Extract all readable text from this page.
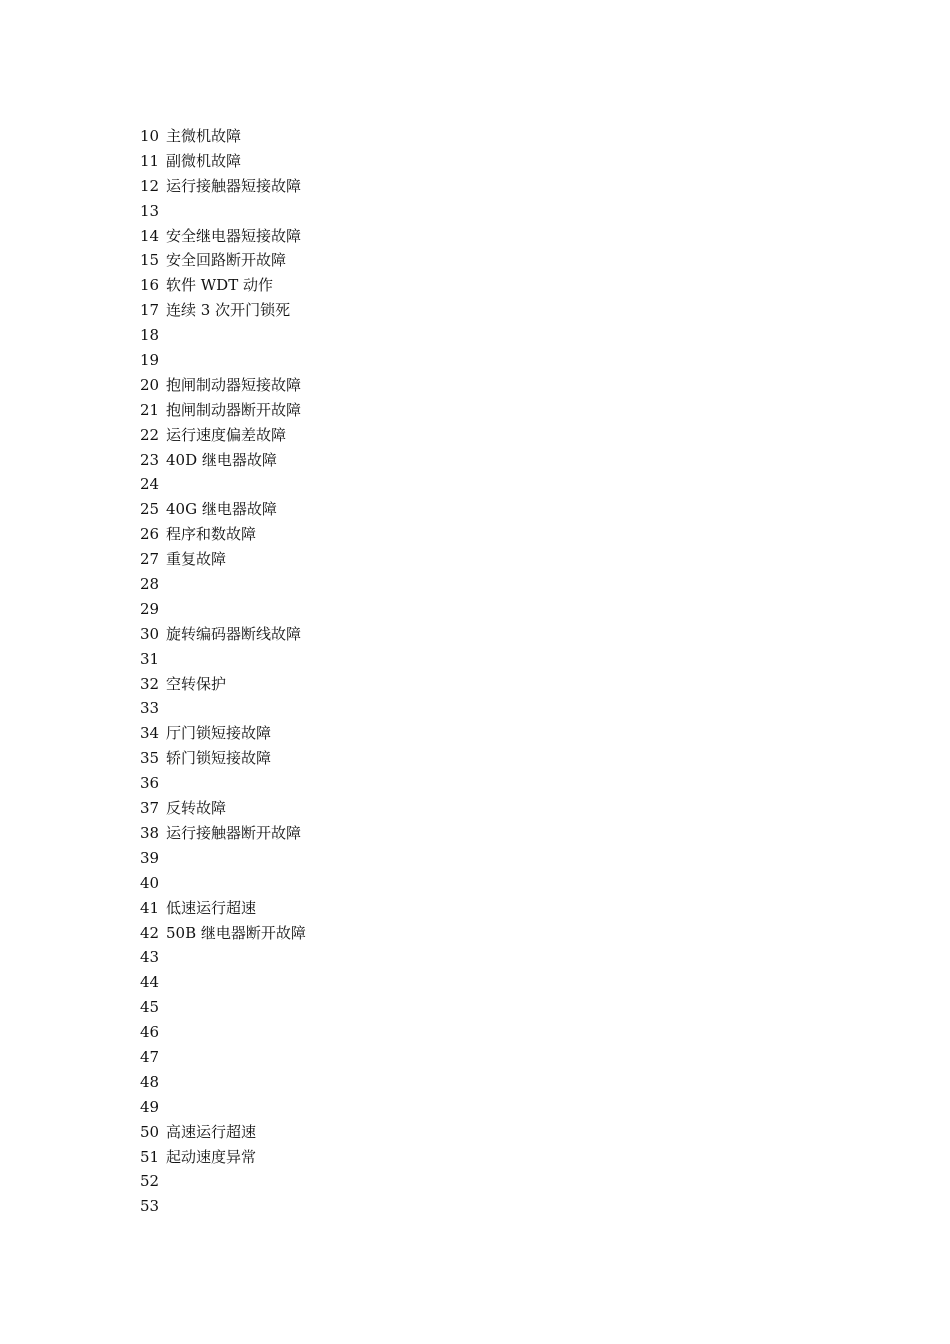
10 主微机故障
11 副微机故障
12 运行接触器短接故障
13
14 安全继电器短接故障
15 安全回路断开故障
16 软件 WDT 动作
17 连续 3 次开门锁死
18
19
20 抱闸制动器短接故障
21 抱闸制动器断开故障
22 运行速度偏差故障
23 40D 继电器故障
24
25 40G 继电器故障
26 程序和数故障
27 重复故障
28
29
30 旋转编码器断线故障
31
32 空转保护
33
34 厅门锁短接故障
35 轿门锁短接故障
36
37 反转故障
38 运行接触器断开故障
39
40
41 低速运行超速
42 50B 继电器断开故障
43
44
45
46
47
48
49
50 高速运行超速
51 起动速度异常
52
53
